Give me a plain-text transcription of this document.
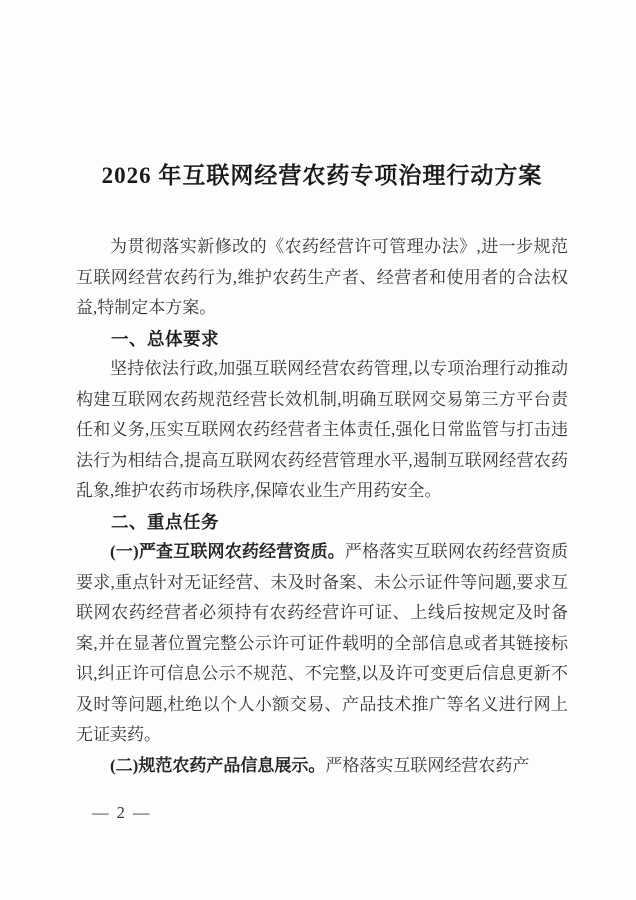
2026 年互联网经营农药专项治理行动方案

为贯彻落实新修改的《农药经营许可管理办法》,进一步规范互联网经营农药行为,维护农药生产者、经营者和使用者的合法权益,特制定本方案。

一、总体要求

坚持依法行政,加强互联网经营农药管理,以专项治理行动推动构建互联网农药规范经营长效机制,明确互联网交易第三方平台责任和义务,压实互联网农药经营者主体责任,强化日常监管与打击违法行为相结合,提高互联网农药经营管理水平,遏制互联网经营农药乱象,维护农药市场秩序,保障农业生产用药安全。

二、重点任务

(一)严查互联网农药经营资质。严格落实互联网农药经营资质要求,重点针对无证经营、未及时备案、未公示证件等问题,要求互联网农药经营者必须持有农药经营许可证、上线后按规定及时备案,并在显著位置完整公示许可证件载明的全部信息或者其链接标识,纠正许可信息公示不规范、不完整,以及许可变更后信息更新不及时等问题,杜绝以个人小额交易、产品技术推广等名义进行网上无证卖药。

(二)规范农药产品信息展示。严格落实互联网经营农药产

— 2 —
